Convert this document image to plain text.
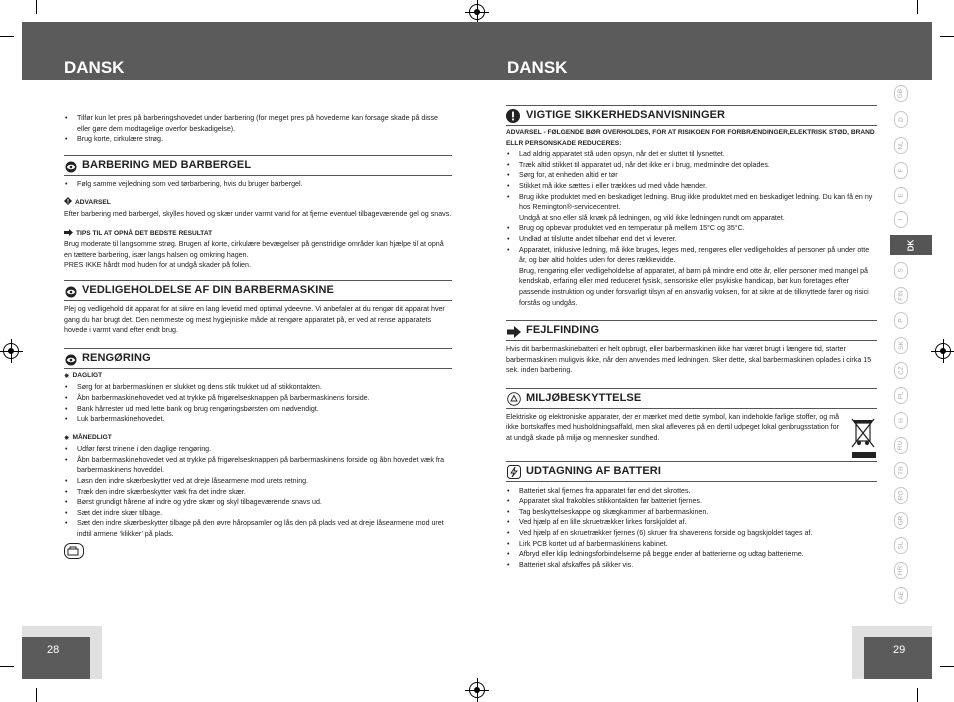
DANSK	DANSK
• Tilfør kun let pres på barberingshovedet under barbering (for meget pres på hovederne kan forsage skade på disse eller gøre dem modtagelige overfor beskadigelse).
• Brug korte, cirkulære strøg.
BARBERING MED BARBERGEL
• Følg samme vejledning som ved tørbarbering, hvis du bruger barbergel.
ADVARSEL

Efter barbering med barbergel, skylles hoved og skær under varmt vand for at fjerne eventuel tilbageværende gel og snavs.

TIPS TIL AT OPNÅ DET BEDSTE RESULTAT

Brug moderate til langsomme strøg. Brugen af korte, cirkulære bevægelser på genstridige områder kan hjælpe til at opnå en tættere barbering, især langs halsen og omkring hagen.

PRES IKKE hårdt mod huden for at undgå skader på folien.

VEDLIGEHOLDELSE AF DIN BARBERMASKINE

Plej og vedligehold dit apparat for at sikre en lang levetid med optimal ydeevne. Vi anbefaler at du rengør dit apparat hver gang du har brugt det. Den nemmeste og mest hygiejniske måde at rengøre apparatet på, er ved at rense apparatets hovede i varmt vand efter endt brug.

RENGØRING
✷ DAGLIGT
• Sørg for at barbermaskinen er slukket og dens stik trukket ud af stikkontakten.
• Åbn barbermaskinehovedet ved at trykke på frigørelsesknappen på barbermaskinens forside.
• Bank hårrester ud med lette bank og brug rengøringsbørsten om nødvendigt.
• Luk barbermaskinehovedet.
✷ MÅNEDLIGT
• Udfør først trinene i den daglige rengøring.
• Åbn barbermaskinehovedet ved at trykke på frigørelsesknappen på barbermaskinens forside og åbn hovedet væk fra barbermaskinens hoveddel.
• Løsn den indre skærbeskytter ved at dreje låsearmene mod urets retning.
• Træk den indre skærbeskytter væk fra det indre skær.
• Børst grundigt hårene af indre og ydre skær og skyl tilbageværende snavs ud.
• Sæt det indre skær tilbage.
• Sæt den indre skærbeskytter tilbage på den øvre håropsamler og lås den på plads ved at dreje låsearmene mod uret indtil armene ‘klikker’ på plads.
VIGTIGE SIKKERHEDSANVISNINGER

ADVARSEL - FØLGENDE BØR OVERHOLDES, FOR AT RISIKOEN FOR FORBRÆNDINGER,ELEKTRISK STØD, BRAND ELLR PERSONSKADE REDUCERES:

• Lad aldrig apparatet stå uden opsyn, når det er sluttet til lysnettet.
• Træk altid stikket til apparatet ud, når det ikke er i brug, medmindre det oplades.
• Sørg for, at enheden altid er tør
• Stikket må ikke sættes i eller trækkes ud med våde hænder.
• Brug ikke produktet med en beskadiget ledning. Brug ikke produktet med en beskadiget ledning. Du kan få en ny hos Remington®-servicecentret.
Undgå at sno eller slå knæk på ledningen, og vikl ikke ledningen rundt om apparatet.
• Brug og opbevar produktet ved en temperatur på mellem 15°C og 35°C.
• Undlad at tilslutte andet tilbehør end det vi leverer.
• Apparatet, inklusive ledning, må ikke bruges, leges med, rengøres eller vedligeholdes af personer på under otte år, og bør altid holdes uden for deres rækkevidde.
Brug, rengøring eller vedligeholdelse af apparatet, af børn på mindre end otte år, eller personer med mangel på kendskab, erfaring eller med reduceret fysisk, sensoriske eller psykiske handicap, bør kun foretages efter passende instruktion og under forsvarligt tilsyn af en ansvarlig voksen, for at sikre at de tilknyttede farer og risici forstås og undgås.
FEJLFINDING

Hvis dit barbermaskinebatteri er helt opbrugt, eller barbermaskinen ikke har været brugt i længere tid, starter barbermaskinen muligvis ikke, når den anvendes med ledningen. Sker dette, skal barbermaskinen oplades i cirka 15 sek. inden barbering.

MILJØBESKYTTELSE

Elektriske og elektroniske apparater, der er mærket med dette symbol, kan indeholde farlige stoffer, og må ikke bortskaffes med husholdningsaffald, men skal afleveres på en dertil udpeget lokal genbrugsstation for at undgå skade på miljø og mennesker sundhed.

UDTAGNING AF BATTERI
• Batteriet skal fjernes fra apparatet før end det skrottes.
• Apparatet skal frakobles stikkontakten før batteriet fjernes.
• Tag beskyttelseskappe og skægkammer af barbermaskinen.
• Ved hjælp af en lille skruetrækker lirkes forskjoldet af.
• Ved hjælp af en skruetrækker fjernes (6) skruer fra shaverens forside og bagskjoldet tages af.
• Lirk PCB kortet ud af barbermaskinens kabinet.
• Afbryd eller klip ledningsforbindelserne på begge ender af batterierne og udtag batterierne.
• Batteriet skal afskaffes på sikker vis.
GB
D
NL
F
E
I
DK
S
FIN
P
SK
CZ
PL
H
RU
TR
RO
GR
SL
HR
AE
28	29
